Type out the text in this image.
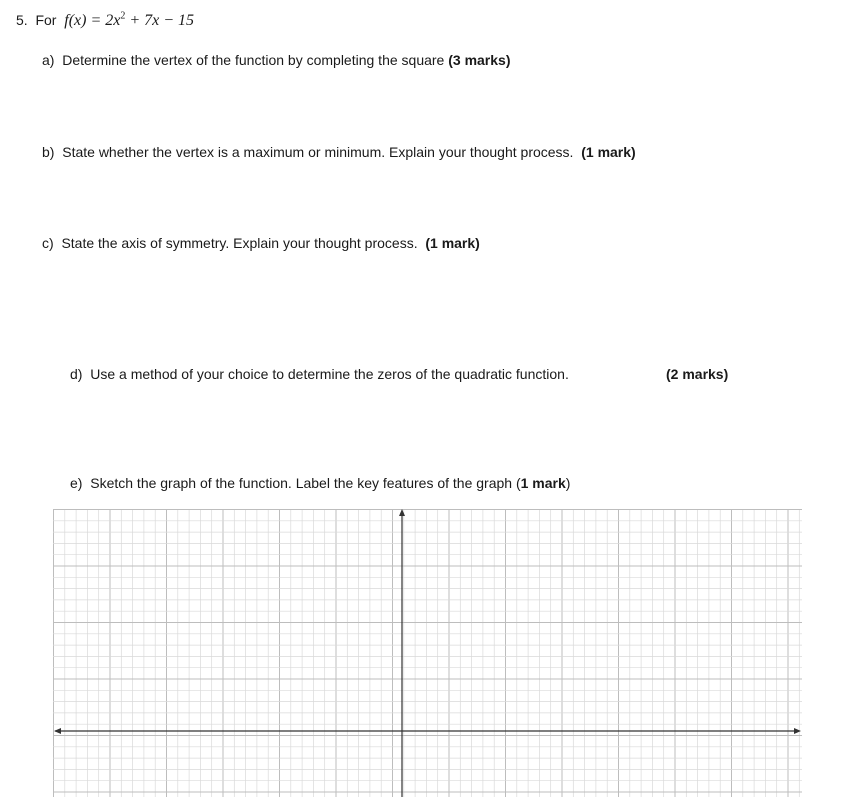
5. For $f(x) = 2x^2 + 7x - 15$
a) Determine the vertex of the function by completing the square (3 marks)
b) State whether the vertex is a maximum or minimum. Explain your thought process. (1 mark)
c) State the axis of symmetry. Explain your thought process. (1 mark)
d) Use a method of your choice to determine the zeros of the quadratic function.	(2 marks)
e) Sketch the graph of the function. Label the key features of the graph (1 mark)
